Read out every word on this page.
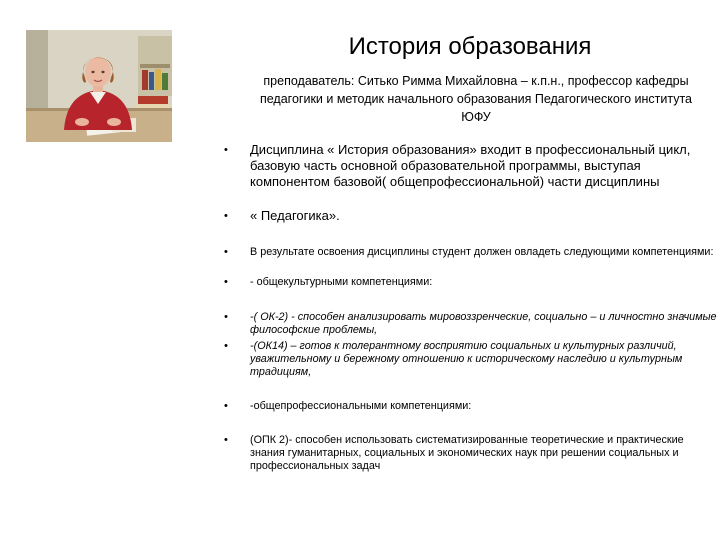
История образования
преподаватель: Ситько Римма Михайловна – к.п.н., профессор кафедры педагогики и методик начального образования Педагогического института ЮФУ
• Дисциплина « История образования» входит в профессиональный цикл, базовую часть основной образовательной программы, выступая компонентом базовой( общепрофессиональной) части дисциплины
• « Педагогика».
• В результате освоения дисциплины студент должен овладеть следующими компетенциями:
• - общекультурными компетенциями:
• -( ОК-2) - способен анализировать мировоззренческие, социально – и личностно значимые философские проблемы,
• -(ОК14) – готов к толерантному восприятию социальных и культурных различий, уважительному и бережному отношению к историческому наследию и культурным традициям,
• -общепрофессиональными компетенциями:
• (ОПК 2)- способен использовать систематизированные теоретические и практические знания гуманитарных, социальных и экономических наук при решении социальных и профессиональных задач
